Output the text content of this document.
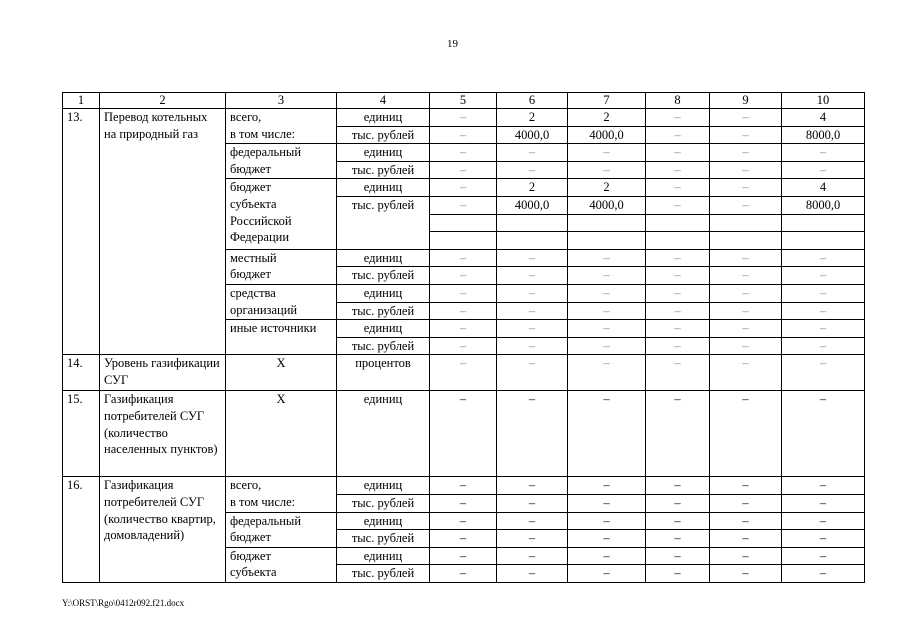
19
1	2	3	4	5	6	7	8	9	10
13.	Перевод котельных на природный газ	всего,
в том числе:	единиц	–	2	2	–	–	4
			тыс. рублей	–	4000,0	4000,0	–	–	8000,0

		федеральный
бюджет	единиц	–	–	–	–	–	–
			тыс. рублей	–	–	–	–	–	–

		бюджет
субъекта
Российской
Федерации	единиц	–	2	2	–	–	4
			тыс. рублей	–	4000,0	4000,0	–	–	8000,0

		местный
бюджет	единиц	–	–	–	–	–	–
			тыс. рублей	–	–	–	–	–	–

		средства
организаций	единиц	–	–	–	–	–	–
			тыс. рублей	–	–	–	–	–	–

		иные источники	единиц	–	–	–	–	–	–
			тыс. рублей	–	–	–	–	–	–
14.	Уровень газификации СУГ	Х	процентов	–	–	–	–	–	–
15.	Газификация потребителей СУГ (количество населенных пунктов)	Х	единиц	–	–	–	–	–	–
16.	Газификация потребителей СУГ (количество квартир, домовладений)	всего,
в том числе:	единиц	–	–	–	–	–	–
			тыс. рублей	–	–	–	–	–	–

		федеральный
бюджет	единиц	–	–	–	–	–	–
			тыс. рублей	–	–	–	–	–	–

		бюджет
субъекта	единиц	–	–	–	–	–	–
			тыс. рублей	–	–	–	–	–	–
Y:\ORST\Rgo\0412r092.f21.docx
